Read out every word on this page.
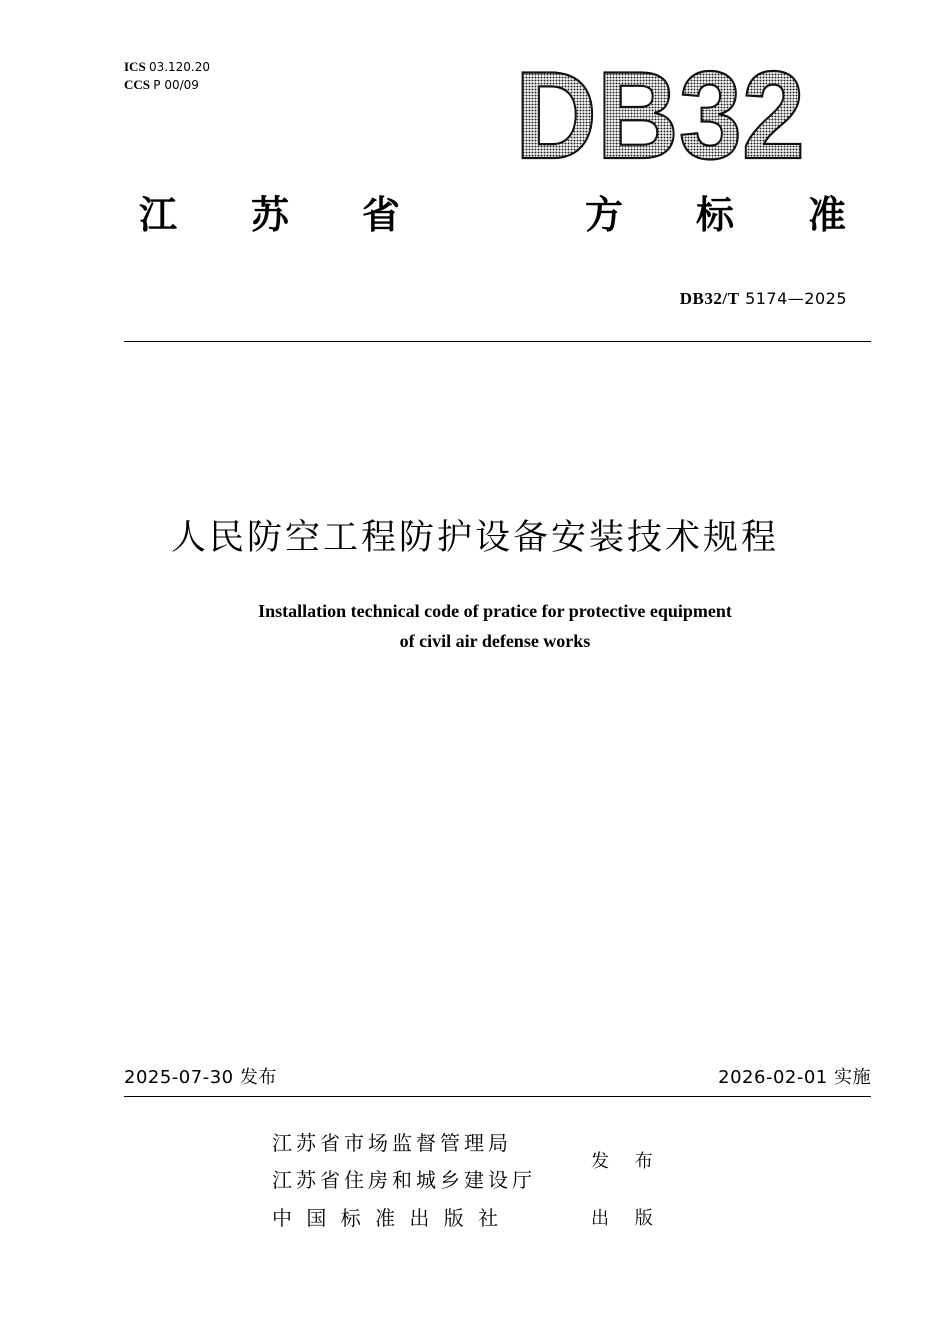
ICS 03.120.20
CCS P 00/09	DB32
江 苏 省	方 标 准
DB32/T 5174—2025
人民防空工程防护设备安装技术规程
Installation technical code of pratice for protective equipment
of civil air defense works
2025-07-30 发布	2026-02-01 实施
江苏省市场监督管理局
江苏省住房和城乡建设厅
发 布
中 国 标 准 出 版 社	出 版
